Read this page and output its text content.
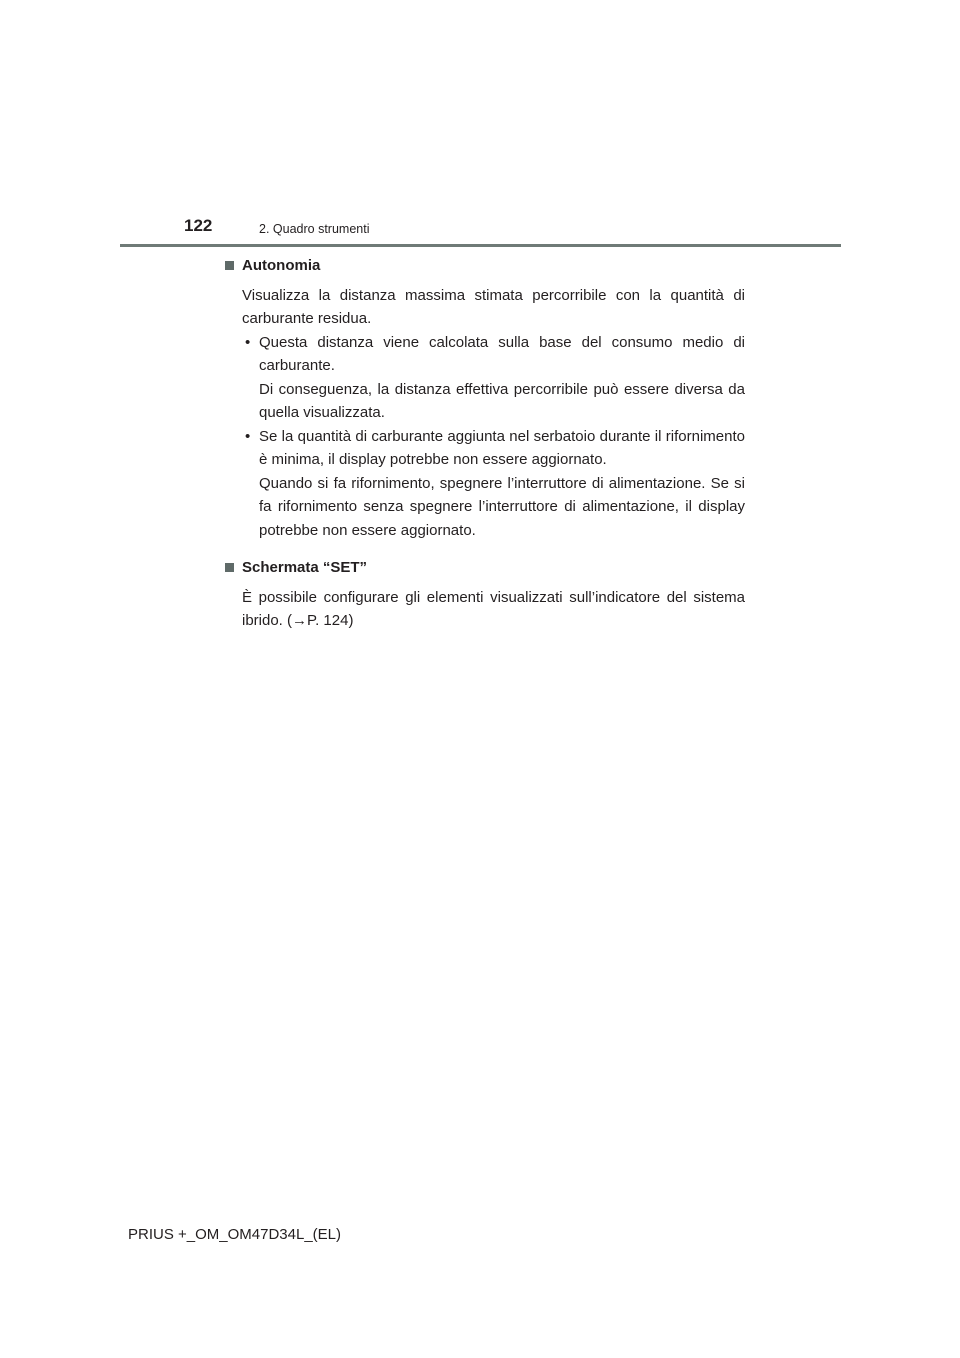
122	2. Quadro strumenti
Autonomia

Visualizza la distanza massima stimata percorribile con la quantità di carburante residua.

• Questa distanza viene calcolata sulla base del consumo medio di carburante.
Di conseguenza, la distanza effettiva percorribile può essere diversa da quella visualizzata.
• Se la quantità di carburante aggiunta nel serbatoio durante il rifornimento è minima, il display potrebbe non essere aggiornato.
Quando si fa rifornimento, spegnere l’interruttore di alimentazione. Se si fa rifornimento senza spegnere l’interruttore di alimentazione, il display potrebbe non essere aggiornato.
Schermata “SET”

È possibile configurare gli elementi visualizzati sull’indicatore del sistema ibrido. (→P. 124)

PRIUS +_OM_OM47D34L_(EL)
